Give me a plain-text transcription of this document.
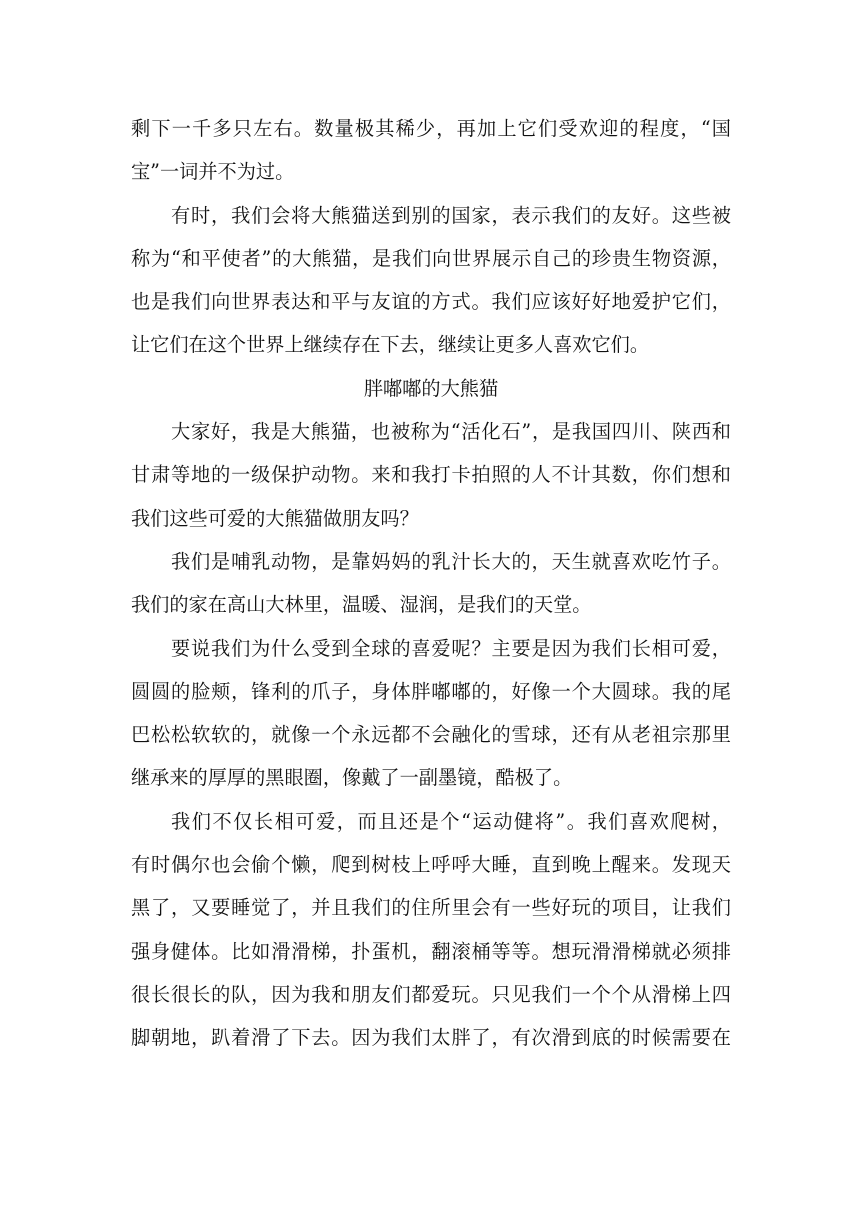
剩下一千多只左右。数量极其稀少，再加上它们受欢迎的程度，“国
宝”一词并不为过。
有时，我们会将大熊猫送到别的国家，表示我们的友好。这些被
称为“和平使者”的大熊猫，是我们向世界展示自己的珍贵生物资源，
也是我们向世界表达和平与友谊的方式。我们应该好好地爱护它们，
让它们在这个世界上继续存在下去，继续让更多人喜欢它们。
胖嘟嘟的大熊猫
大家好，我是大熊猫，也被称为“活化石”，是我国四川、陕西和
甘肃等地的一级保护动物。来和我打卡拍照的人不计其数，你们想和
我们这些可爱的大熊猫做朋友吗？
我们是哺乳动物，是靠妈妈的乳汁长大的，天生就喜欢吃竹子。
我们的家在高山大林里，温暖、湿润，是我们的天堂。
要说我们为什么受到全球的喜爱呢？主要是因为我们长相可爱，
圆圆的脸颊，锋利的爪子，身体胖嘟嘟的，好像一个大圆球。我的尾
巴松松软软的，就像一个永远都不会融化的雪球，还有从老祖宗那里
继承来的厚厚的黑眼圈，像戴了一副墨镜，酷极了。
我们不仅长相可爱，而且还是个“运动健将”。我们喜欢爬树，
有时偶尔也会偷个懒，爬到树枝上呼呼大睡，直到晚上醒来。发现天
黑了，又要睡觉了，并且我们的住所里会有一些好玩的项目，让我们
强身健体。比如滑滑梯，扑蛋机，翻滚桶等等。想玩滑滑梯就必须排
很长很长的队，因为我和朋友们都爱玩。只见我们一个个从滑梯上四
脚朝地，趴着滑了下去。因为我们太胖了，有次滑到底的时候需要在
